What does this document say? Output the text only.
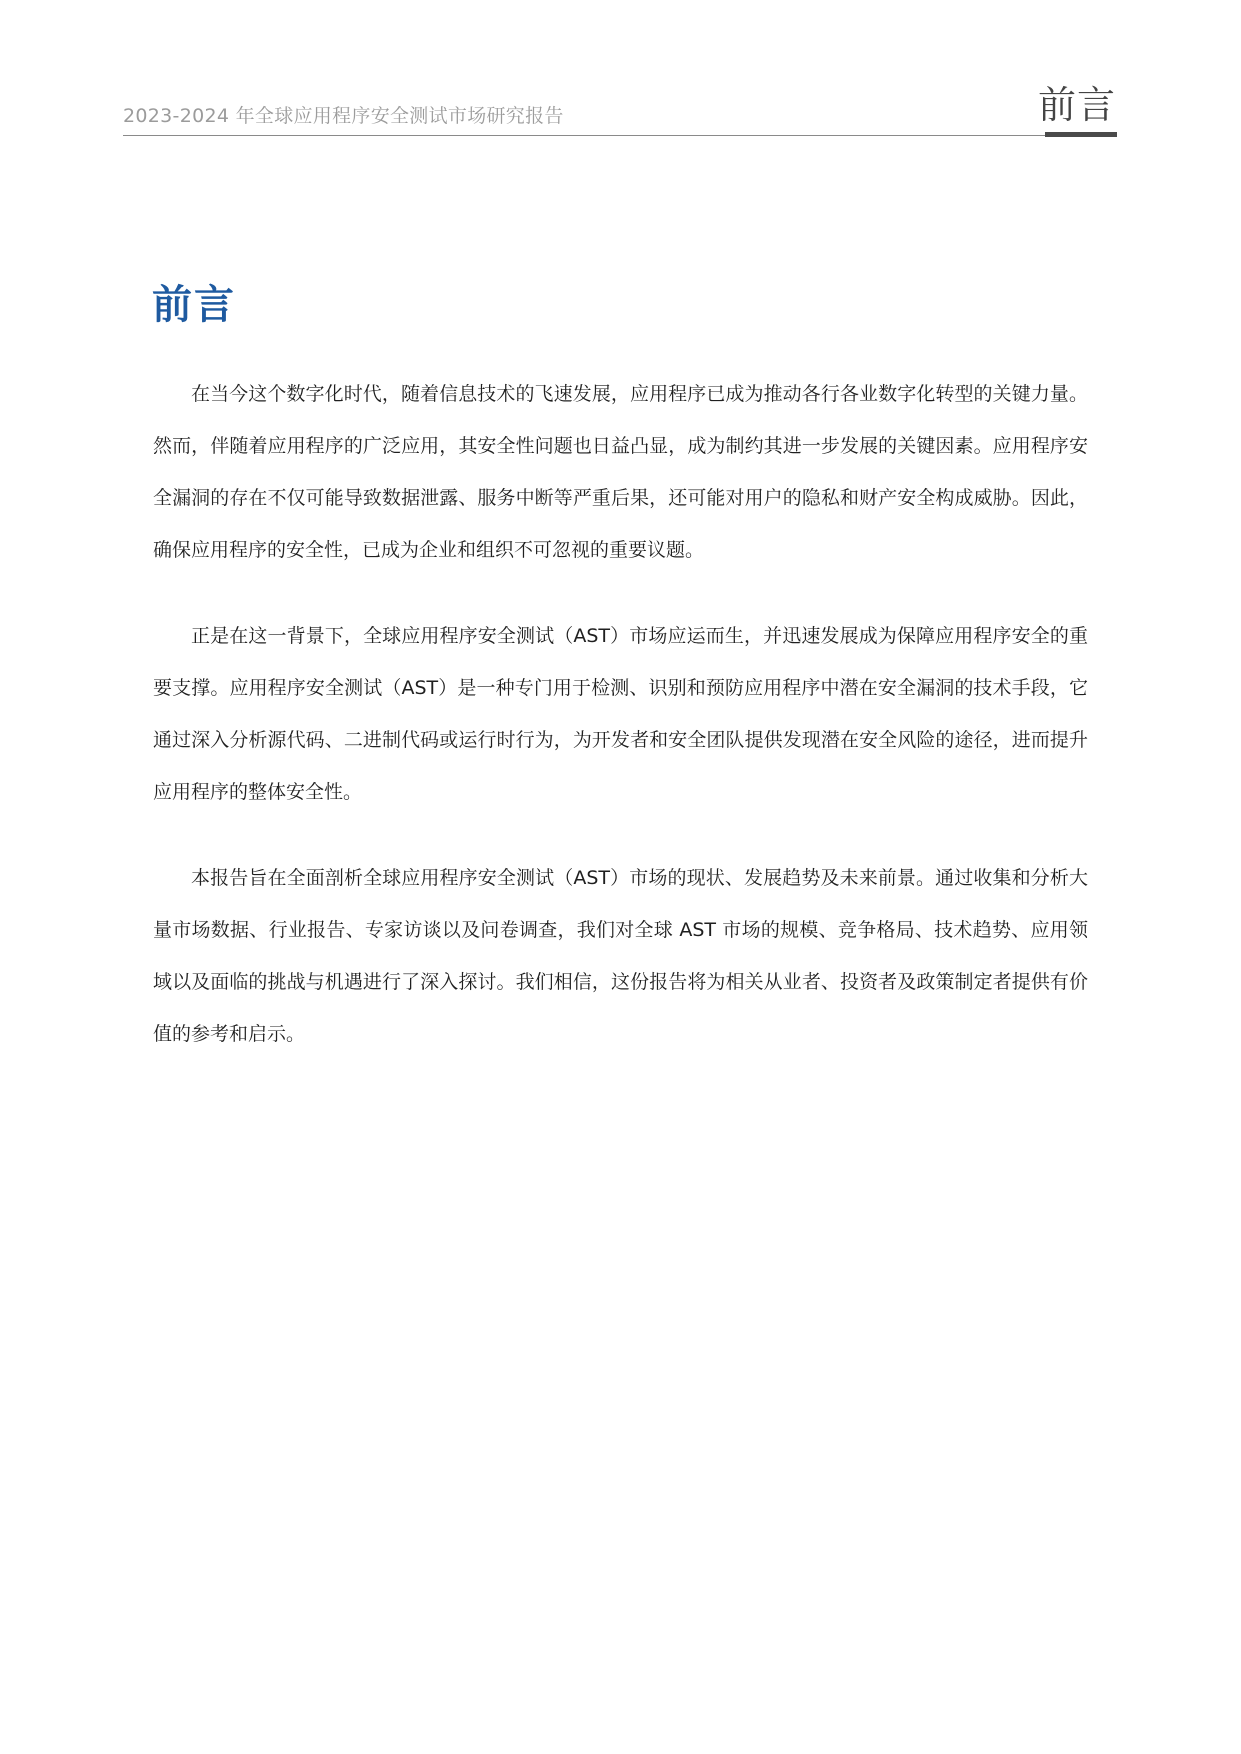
2023-2024 年全球应用程序安全测试市场研究报告	前言
前言

在当今这个数字化时代，随着信息技术的飞速发展，应用程序已成为推动各行各业数字化转型的关键力量。然而，伴随着应用程序的广泛应用，其安全性问题也日益凸显，成为制约其进一步发展的关键因素。应用程序安全漏洞的存在不仅可能导致数据泄露、服务中断等严重后果，还可能对用户的隐私和财产安全构成威胁。因此，确保应用程序的安全性，已成为企业和组织不可忽视的重要议题。

正是在这一背景下，全球应用程序安全测试（AST）市场应运而生，并迅速发展成为保障应用程序安全的重要支撑。应用程序安全测试（AST）是一种专门用于检测、识别和预防应用程序中潜在安全漏洞的技术手段，它通过深入分析源代码、二进制代码或运行时行为，为开发者和安全团队提供发现潜在安全风险的途径，进而提升应用程序的整体安全性。

本报告旨在全面剖析全球应用程序安全测试（AST）市场的现状、发展趋势及未来前景。通过收集和分析大量市场数据、行业报告、专家访谈以及问卷调查，我们对全球 AST 市场的规模、竞争格局、技术趋势、应用领域以及面临的挑战与机遇进行了深入探讨。我们相信，这份报告将为相关从业者、投资者及政策制定者提供有价值的参考和启示。
